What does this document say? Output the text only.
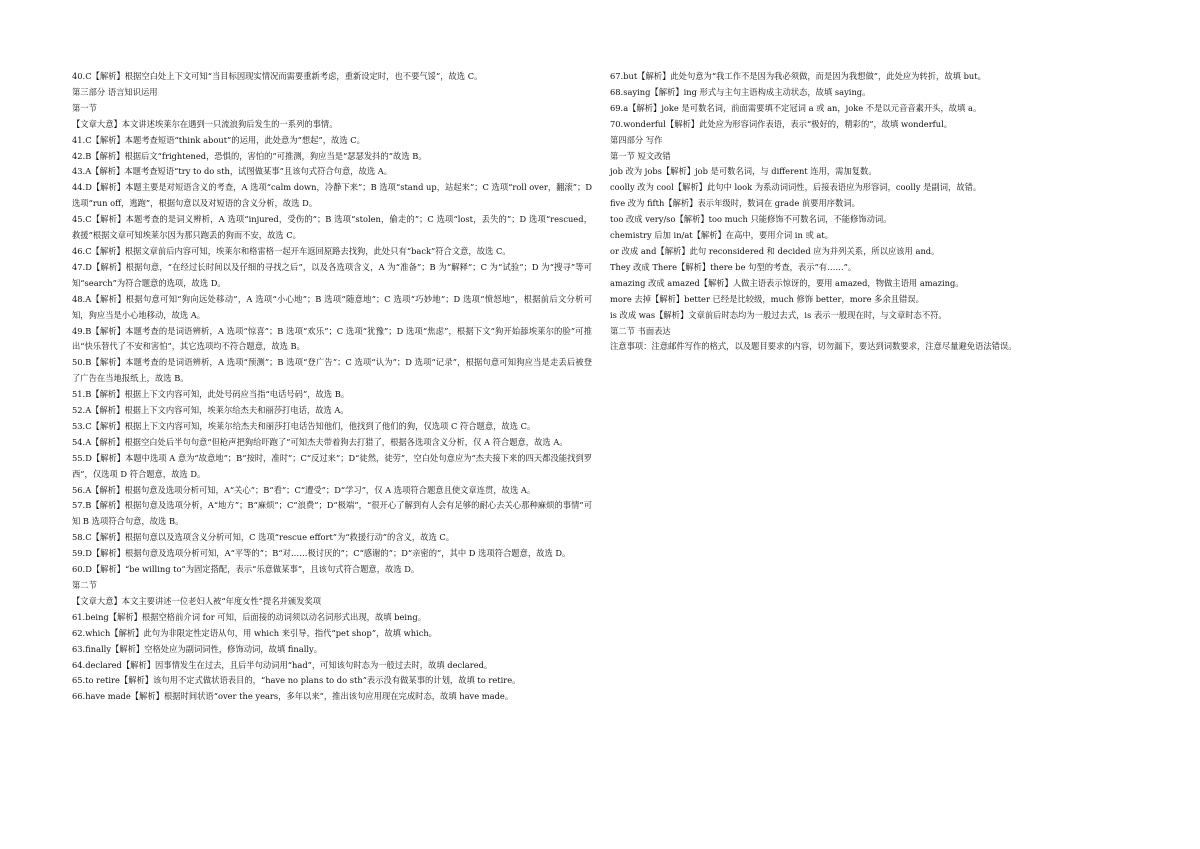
40.C【解析】根据空白处上下文可知“当目标因现实情况而需要重新考虑，重新设定时，也不要气馁”，故选 C。
第三部分 语言知识运用
第一节
【文章大意】本文讲述埃莱尔在遇到一只流浪狗后发生的一系列的事情。
41.C【解析】本题考查短语“think about”的运用，此处意为“想起”，故选 C。
42.B【解析】根据后文“frightened，恐惧的，害怕的”可推测，狗应当是“瑟瑟发抖的”故选 B。
43.A【解析】本题考查短语“try to do sth，试图做某事”且该句式符合句意，故选 A。
44.D【解析】本题主要是对短语含义的考查，A 选项“calm down，冷静下来”；B 选项“stand up，站起来”；C 选项“roll over，翻滚”；D 选项“run off，逃跑”，根据句意以及对短语的含义分析，故选 D。
45.C【解析】本题考查的是词义辨析，A 选项“injured，受伤的”；B 选项“stolen，偷走的”；C 选项“lost，丢失的”；D 选项“rescued，救援”根据文章可知埃莱尔因为那只跑丢的狗而不安，故选 C。
46.C【解析】根据文章前后内容可知，埃莱尔和格雷格一起开车返回原路去找狗，此处只有“back”符合文意，故选 C。
47.D【解析】根据句意，“在经过长时间以及仔细的寻找之后”，以及各选项含义，A 为“准备”；B 为“解释”；C 为“试验”；D 为“搜寻”等可知“search”为符合题意的选项，故选 D。
48.A【解析】根据句意可知“狗向远处移动”，A 选项“小心地”；B 选项“随意地”；C 选项“巧妙地”；D 选项“愤怒地”，根据前后文分析可知，狗应当是小心地移动，故选 A。
49.B【解析】本题考查的是词语辨析，A 选项“惊喜”；B 选项“欢乐”；C 选项“犹豫”；D 选项“焦虑”，根据下文“狗开始舔埃莱尔的脸”可推出“快乐替代了不安和害怕”，其它选项均不符合题意，故选 B。
50.B【解析】本题考查的是词语辨析，A 选项“预测”；B 选项“登广告”；C 选项“认为”；D 选项“记录”，根据句意可知狗应当是走丢后被登了广告在当地报纸上，故选 B。
51.B【解析】根据上下文内容可知，此处号码应当指“电话号码”，故选 B。
52.A【解析】根据上下文内容可知，埃莱尔给杰夫和丽莎打电话，故选 A。
53.C【解析】根据上下文内容可知，埃莱尔给杰夫和丽莎打电话告知他们，他找到了他们的狗，仅选项 C 符合题意，故选 C。
54.A【解析】根据空白处后半句句意“但枪声把狗给吓跑了”可知杰夫带着狗去打猎了，根据各选项含义分析，仅 A 符合题意，故选 A。
55.D【解析】本题中选项 A 意为“故意地”；B“按时，准时”；C“反过来”；D“徒然，徒劳”，空白处句意应为“杰夫接下来的四天都没能找到罗西”，仅选项 D 符合题意，故选 D。
56.A【解析】根据句意及选项分析可知，A“关心”；B“看”；C“遭受”；D“学习”，仅 A 选项符合题意且使文章连贯，故选 A。
57.B【解析】根据句意及选项分析，A“地方”；B“麻烦”；C“浪费”；D“极端”，“很开心了解到有人会有足够的耐心去关心那种麻烦的事情”可知 B 选项符合句意，故选 B。
58.C【解析】根据句意以及选项含义分析可知，C 选项“rescue effort”为“救援行动”的含义，故选 C。
59.D【解析】根据句意及选项分析可知，A“平等的”；B“对……极讨厌的”；C“感谢的”；D“亲密的”，其中 D 选项符合题意，故选 D。
60.D【解析】“be willing to”为固定搭配，表示“乐意做某事”，且该句式符合题意，故选 D。
第二节
【文章大意】本文主要讲述一位老妇人被“年度女性”提名并颁发奖项
61.being【解析】根据空格前介词 for 可知，后面接的动词须以动名词形式出现，故填 being。
62.which【解析】此句为非限定性定语从句，用 which 来引导，指代“pet shop”，故填 which。
63.finally【解析】空格处应为副词词性，修饰动词，故填 finally。
64.declared【解析】因事情发生在过去，且后半句动词用“had”，可知该句时态为一般过去时，故填 declared。
65.to retire【解析】该句用不定式做状语表目的，“have no plans to do sth”表示没有做某事的计划，故填 to retire。
66.have made【解析】根据时间状语“over the years，多年以来”，推出该句应用现在完成时态，故填 have made。
67.but【解析】此处句意为“我工作不是因为我必须做，而是因为我想做”，此处应为转折，故填 but。
68.saying【解析】ing 形式与主句主语构成主动状态，故填 saying。
69.a【解析】joke 是可数名词，前面需要填不定冠词 a 或 an，joke 不是以元音音素开头，故填 a。
70.wonderful【解析】此处应为形容词作表语，表示“极好的，精彩的”，故填 wonderful。
第四部分 写作
第一节 短文改错
job 改为 jobs【解析】job 是可数名词，与 different 连用，需加复数。
coolly 改为 cool【解析】此句中 look 为系动词词性，后接表语应为形容词，coolly 是副词，故错。
five 改为 fifth【解析】表示年级时，数词在 grade 前要用序数词。
too 改成 very/so【解析】too much 只能修饰不可数名词，不能修饰动词。
chemistry 后加 in/at【解析】在高中，要用介词 in 或 at。
or 改成 and【解析】此句 reconsidered 和 decided 应为并列关系，所以应该用 and。
They 改成 There【解析】there be 句型的考查，表示“有……”。
amazing 改成 amazed【解析】人做主语表示惊讶的，要用 amazed，物做主语用 amazing。
more 去掉【解析】better 已经是比较级，much 修饰 better，more 多余且错误。
is 改成 was【解析】文章前后时态均为一般过去式，is 表示一般现在时，与文章时态不符。
第二节 书面表达
注意事项：注意邮件写作的格式，以及题目要求的内容，切勿漏下，要达到词数要求，注意尽量避免语法错误。
